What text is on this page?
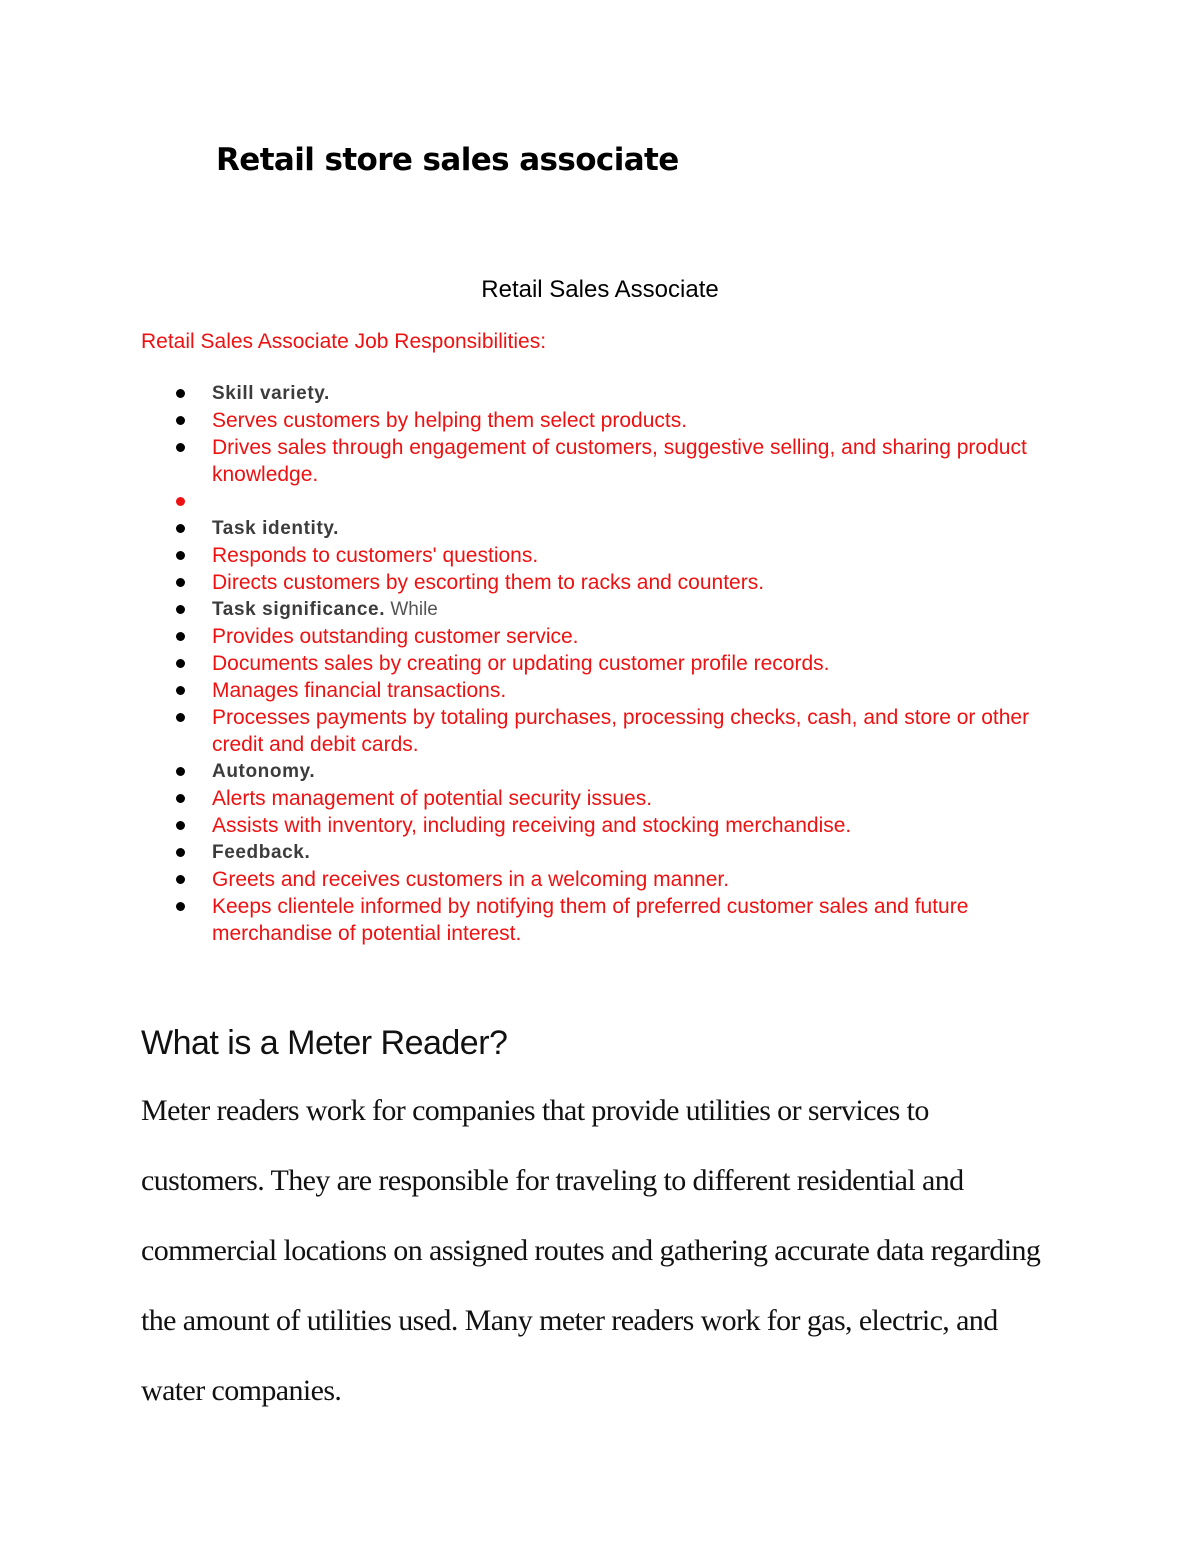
Retail store sales associate
Retail Sales Associate

Retail Sales Associate Job Responsibilities:

Skill variety.
Serves customers by helping them select products.
Drives sales through engagement of customers, suggestive selling, and sharing product knowledge.
Task identity.
Responds to customers' questions.
Directs customers by escorting them to racks and counters.
Task significance. While
Provides outstanding customer service.
Documents sales by creating or updating customer profile records.
Manages financial transactions.
Processes payments by totaling purchases, processing checks, cash, and store or other credit and debit cards.
Autonomy.
Alerts management of potential security issues.
Assists with inventory, including receiving and stocking merchandise.
Feedback.
Greets and receives customers in a welcoming manner.
Keeps clientele informed by notifying them of preferred customer sales and future merchandise of potential interest.
What is a Meter Reader?

Meter readers work for companies that provide utilities or services to customers. They are responsible for traveling to different residential and commercial locations on assigned routes and gathering accurate data regarding the amount of utilities used. Many meter readers work for gas, electric, and water companies.
